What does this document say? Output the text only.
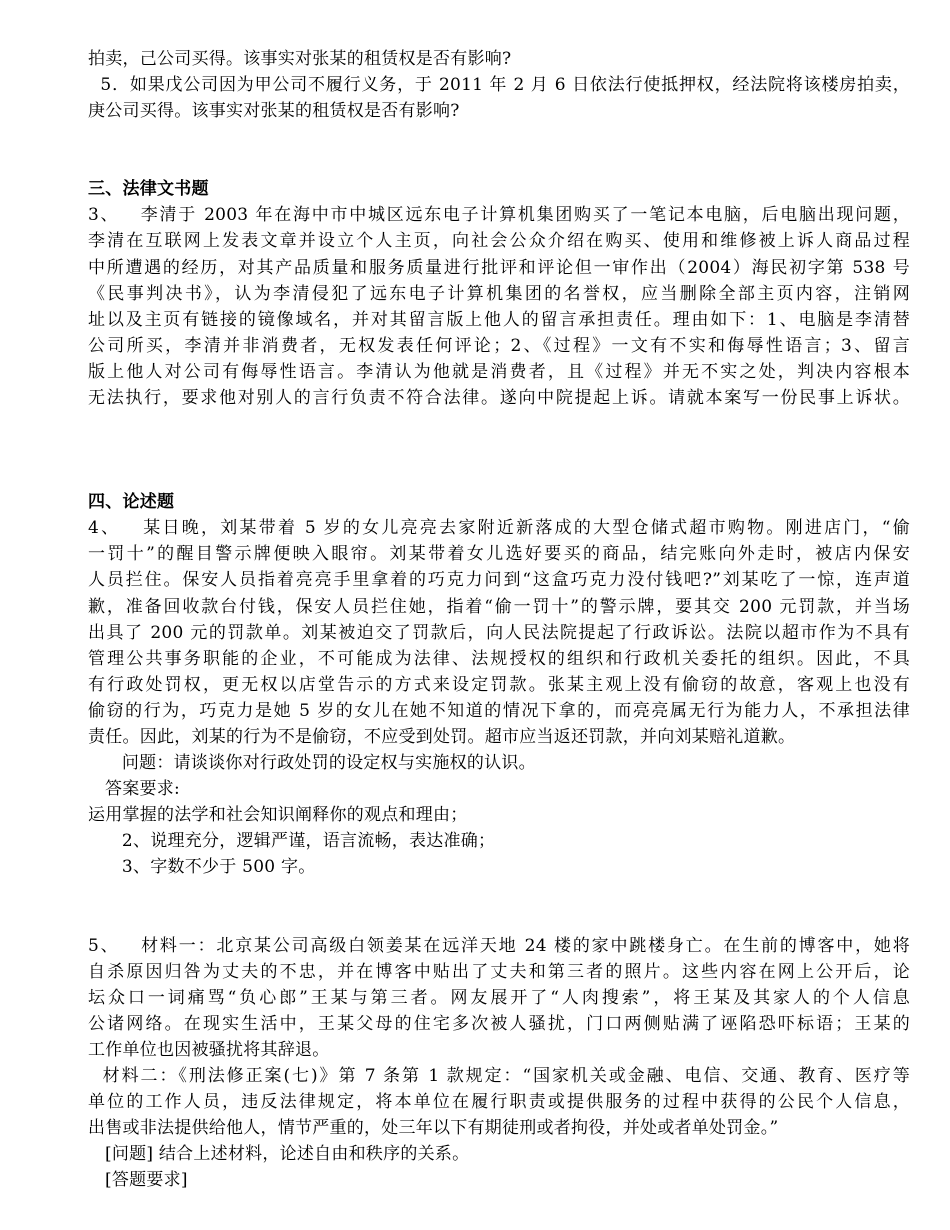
拍卖，己公司买得。该事实对张某的租赁权是否有影响?
5．如果戊公司因为甲公司不履行义务，于 2011 年 2 月 6 日依法行使抵押权，经法院将该楼房拍卖，
庚公司买得。该事实对张某的租赁权是否有影响?
三、法律文书题
3、   李清于 2003 年在海中市中城区远东电子计算机集团购买了一笔记本电脑，后电脑出现问题，
李清在互联网上发表文章并设立个人主页，向社会公众介绍在购买、使用和维修被上诉人商品过程
中所遭遇的经历，对其产品质量和服务质量进行批评和评论但一审作出（2004）海民初字第 538 号
《民事判决书》，认为李清侵犯了远东电子计算机集团的名誉权，应当删除全部主页内容，注销网
址以及主页有链接的镜像域名，并对其留言版上他人的留言承担责任。理由如下：1、电脑是李清替
公司所买，李清并非消费者，无权发表任何评论；2、《过程》一文有不实和侮辱性语言；3、留言
版上他人对公司有侮辱性语言。李清认为他就是消费者，且《过程》并无不实之处，判决内容根本
无法执行，要求他对别人的言行负责不符合法律。遂向中院提起上诉。请就本案写一份民事上诉状。
四、论述题
4、   某日晚，刘某带着 5 岁的女儿亮亮去家附近新落成的大型仓储式超市购物。刚进店门，“偷
一罚十”的醒目警示牌便映入眼帘。刘某带着女儿选好要买的商品，结完账向外走时，被店内保安
人员拦住。保安人员指着亮亮手里拿着的巧克力问到“这盒巧克力没付钱吧?”刘某吃了一惊，连声道
歉，准备回收款台付钱，保安人员拦住她，指着“偷一罚十”的警示牌，要其交 200 元罚款，并当场
出具了 200 元的罚款单。刘某被迫交了罚款后，向人民法院提起了行政诉讼。法院以超市作为不具有
管理公共事务职能的企业，不可能成为法律、法规授权的组织和行政机关委托的组织。因此，不具
有行政处罚权，更无权以店堂告示的方式来设定罚款。张某主观上没有偷窃的故意，客观上也没有
偷窃的行为，巧克力是她 5 岁的女儿在她不知道的情况下拿的，而亮亮属无行为能力人，不承担法律
责任。因此，刘某的行为不是偷窃，不应受到处罚。超市应当返还罚款，并向刘某赔礼道歉。
问题：请谈谈你对行政处罚的设定权与实施权的认识。
答案要求:
运用掌握的法学和社会知识阐释你的观点和理由；
2、说理充分，逻辑严谨，语言流畅，表达准确；
3、字数不少于 500 字。
5、   材料一：北京某公司高级白领姜某在远洋天地 24 楼的家中跳楼身亡。在生前的博客中，她将
自杀原因归咎为丈夫的不忠，并在博客中贴出了丈夫和第三者的照片。这些内容在网上公开后，论
坛众口一词痛骂“负心郎”王某与第三者。网友展开了“人肉搜索”，将王某及其家人的个人信息
公诸网络。在现实生活中，王某父母的住宅多次被人骚扰，门口两侧贴满了诬陷恐吓标语；王某的
工作单位也因被骚扰将其辞退。
材料二：《刑法修正案(七)》第 7 条第 1 款规定：“国家机关或金融、电信、交通、教育、医疗等
单位的工作人员，违反法律规定，将本单位在履行职责或提供服务的过程中获得的公民个人信息，
出售或非法提供给他人，情节严重的，处三年以下有期徒刑或者拘役，并处或者单处罚金。”
[问题] 结合上述材料，论述自由和秩序的关系。
[答题要求]
